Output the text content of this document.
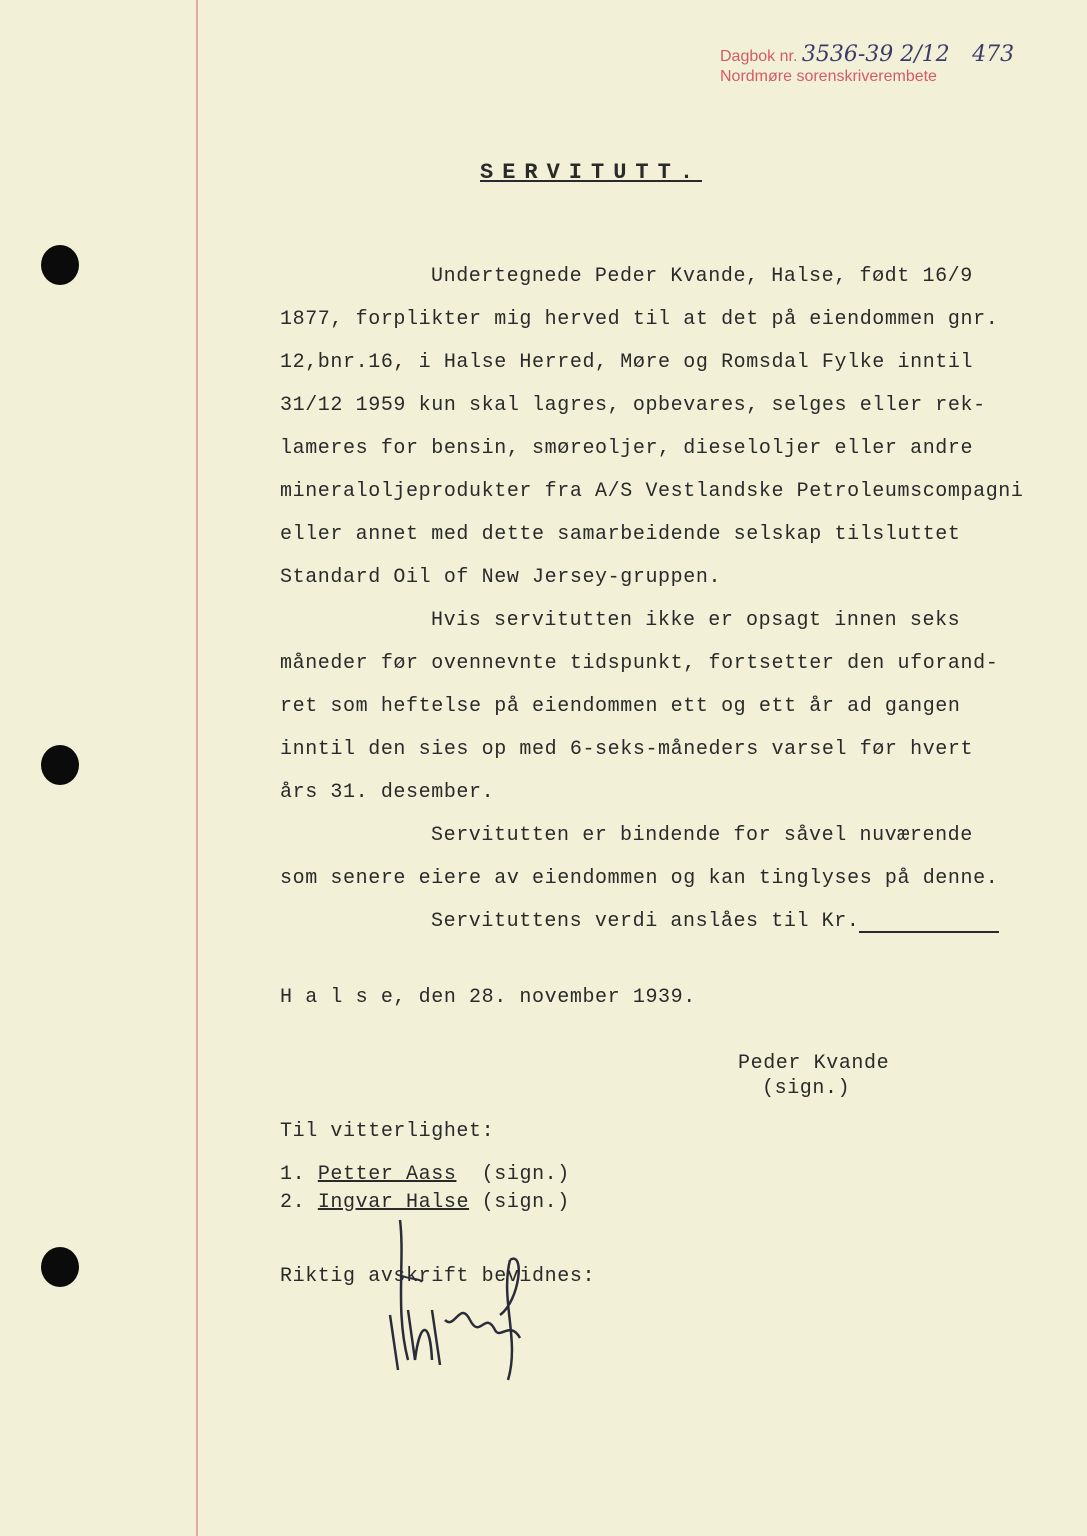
Dagbok nr. 3536-39 2/12 473
Nordmøre sorenskriverembete
SERVITUTT.
Undertegnede Peder Kvande, Halse, født 16/9
1877, forplikter mig herved til at det på eiendommen gnr.
12,bnr.16, i Halse Herred, Møre og Romsdal Fylke inntil
31/12 1959 kun skal lagres, opbevares, selges eller rek-
lameres for bensin, smøreoljer, dieseloljer eller andre
mineraloljeprodukter fra A/S Vestlandske Petroleumscompagni
eller annet med dette samarbeidende selskap tilsluttet
Standard Oil of New Jersey-gruppen.
Hvis servitutten ikke er opsagt innen seks
måneder før ovennevnte tidspunkt, fortsetter den uforand-
ret som heftelse på eiendommen ett og ett år ad gangen
inntil den sies op med 6-seks-måneders varsel før hvert
års 31. desember.
Servitutten er bindende for såvel nuværende
som senere eiere av eiendommen og kan tinglyses på denne.
Servituttens verdi anslåes til Kr.
H a l s e, den 28. november 1939.
Peder Kvande
(sign.)
Til vitterlighet:
1. Petter Aass (sign.)
2. Ingvar Halse (sign.)
Riktig avskrift bevidnes:
